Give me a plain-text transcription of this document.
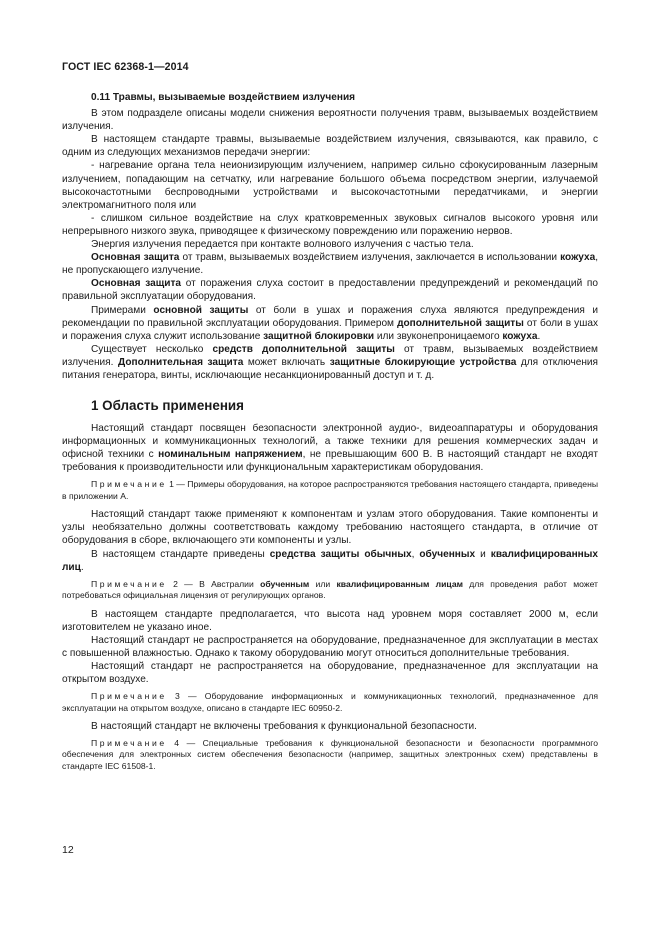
ГОСТ IEC 62368-1—2014

0.11 Травмы, вызываемые воздействием излучения

В этом подразделе описаны модели снижения вероятности получения травм, вызываемых воздействием излучения.

В настоящем стандарте травмы, вызываемые воздействием излучения, связываются, как правило, с одним из следующих механизмов передачи энергии:

- нагревание органа тела неионизирующим излучением, например сильно сфокусированным лазерным излучением, попадающим на сетчатку, или нагревание большого объема посредством энергии, излучаемой высокочастотными беспроводными устройствами и высокочастотными передатчиками, и энергии электромагнитного поля или

- слишком сильное воздействие на слух кратковременных звуковых сигналов высокого уровня или непрерывного низкого звука, приводящее к физическому повреждению или поражению нервов.

Энергия излучения передается при контакте волнового излучения с частью тела.

Основная защита от травм, вызываемых воздействием излучения, заключается в использовании кожуха, не пропускающего излучение.

Основная защита от поражения слуха состоит в предоставлении предупреждений и рекомендаций по правильной эксплуатации оборудования.

Примерами основной защиты от боли в ушах и поражения слуха являются предупреждения и рекомендации по правильной эксплуатации оборудования. Примером дополнительной защиты от боли в ушах и поражения слуха служит использование защитной блокировки или звуконепроницаемого кожуха.

Существует несколько средств дополнительной защиты от травм, вызываемых воздействием излучения. Дополнительная защита может включать защитные блокирующие устройства для отключения питания генератора, винты, исключающие несанкционированный доступ и т. д.

1 Область применения

Настоящий стандарт посвящен безопасности электронной аудио-, видеоаппаратуры и оборудования информационных и коммуникационных технологий, а также техники для решения коммерческих задач и офисной техники с номинальным напряжением, не превышающим 600 В. В настоящий стандарт не входят требования к производительности или функциональным характеристикам оборудования.

Примечание 1 — Примеры оборудования, на которое распространяются требования настоящего стандарта, приведены в приложении А.

Настоящий стандарт также применяют к компонентам и узлам этого оборудования. Такие компоненты и узлы необязательно должны соответствовать каждому требованию настоящего стандарта, в отличие от оборудования в сборе, включающего эти компоненты и узлы.

В настоящем стандарте приведены средства защиты обычных, обученных и квалифицированных лиц.

Примечание 2 — В Австралии обученным или квалифицированным лицам для проведения работ может потребоваться официальная лицензия от регулирующих органов.

В настоящем стандарте предполагается, что высота над уровнем моря составляет 2000 м, если изготовителем не указано иное.

Настоящий стандарт не распространяется на оборудование, предназначенное для эксплуатации в местах с повышенной влажностью. Однако к такому оборудованию могут относиться дополнительные требования.

Настоящий стандарт не распространяется на оборудование, предназначенное для эксплуатации на открытом воздухе.

Примечание 3 — Оборудование информационных и коммуникационных технологий, предназначенное для эксплуатации на открытом воздухе, описано в стандарте IEC 60950-2.

В настоящий стандарт не включены требования к функциональной безопасности.

Примечание 4 — Специальные требования к функциональной безопасности и безопасности программного обеспечения для электронных систем обеспечения безопасности (например, защитных электронных схем) представлены в стандарте IEC 61508-1.

12
